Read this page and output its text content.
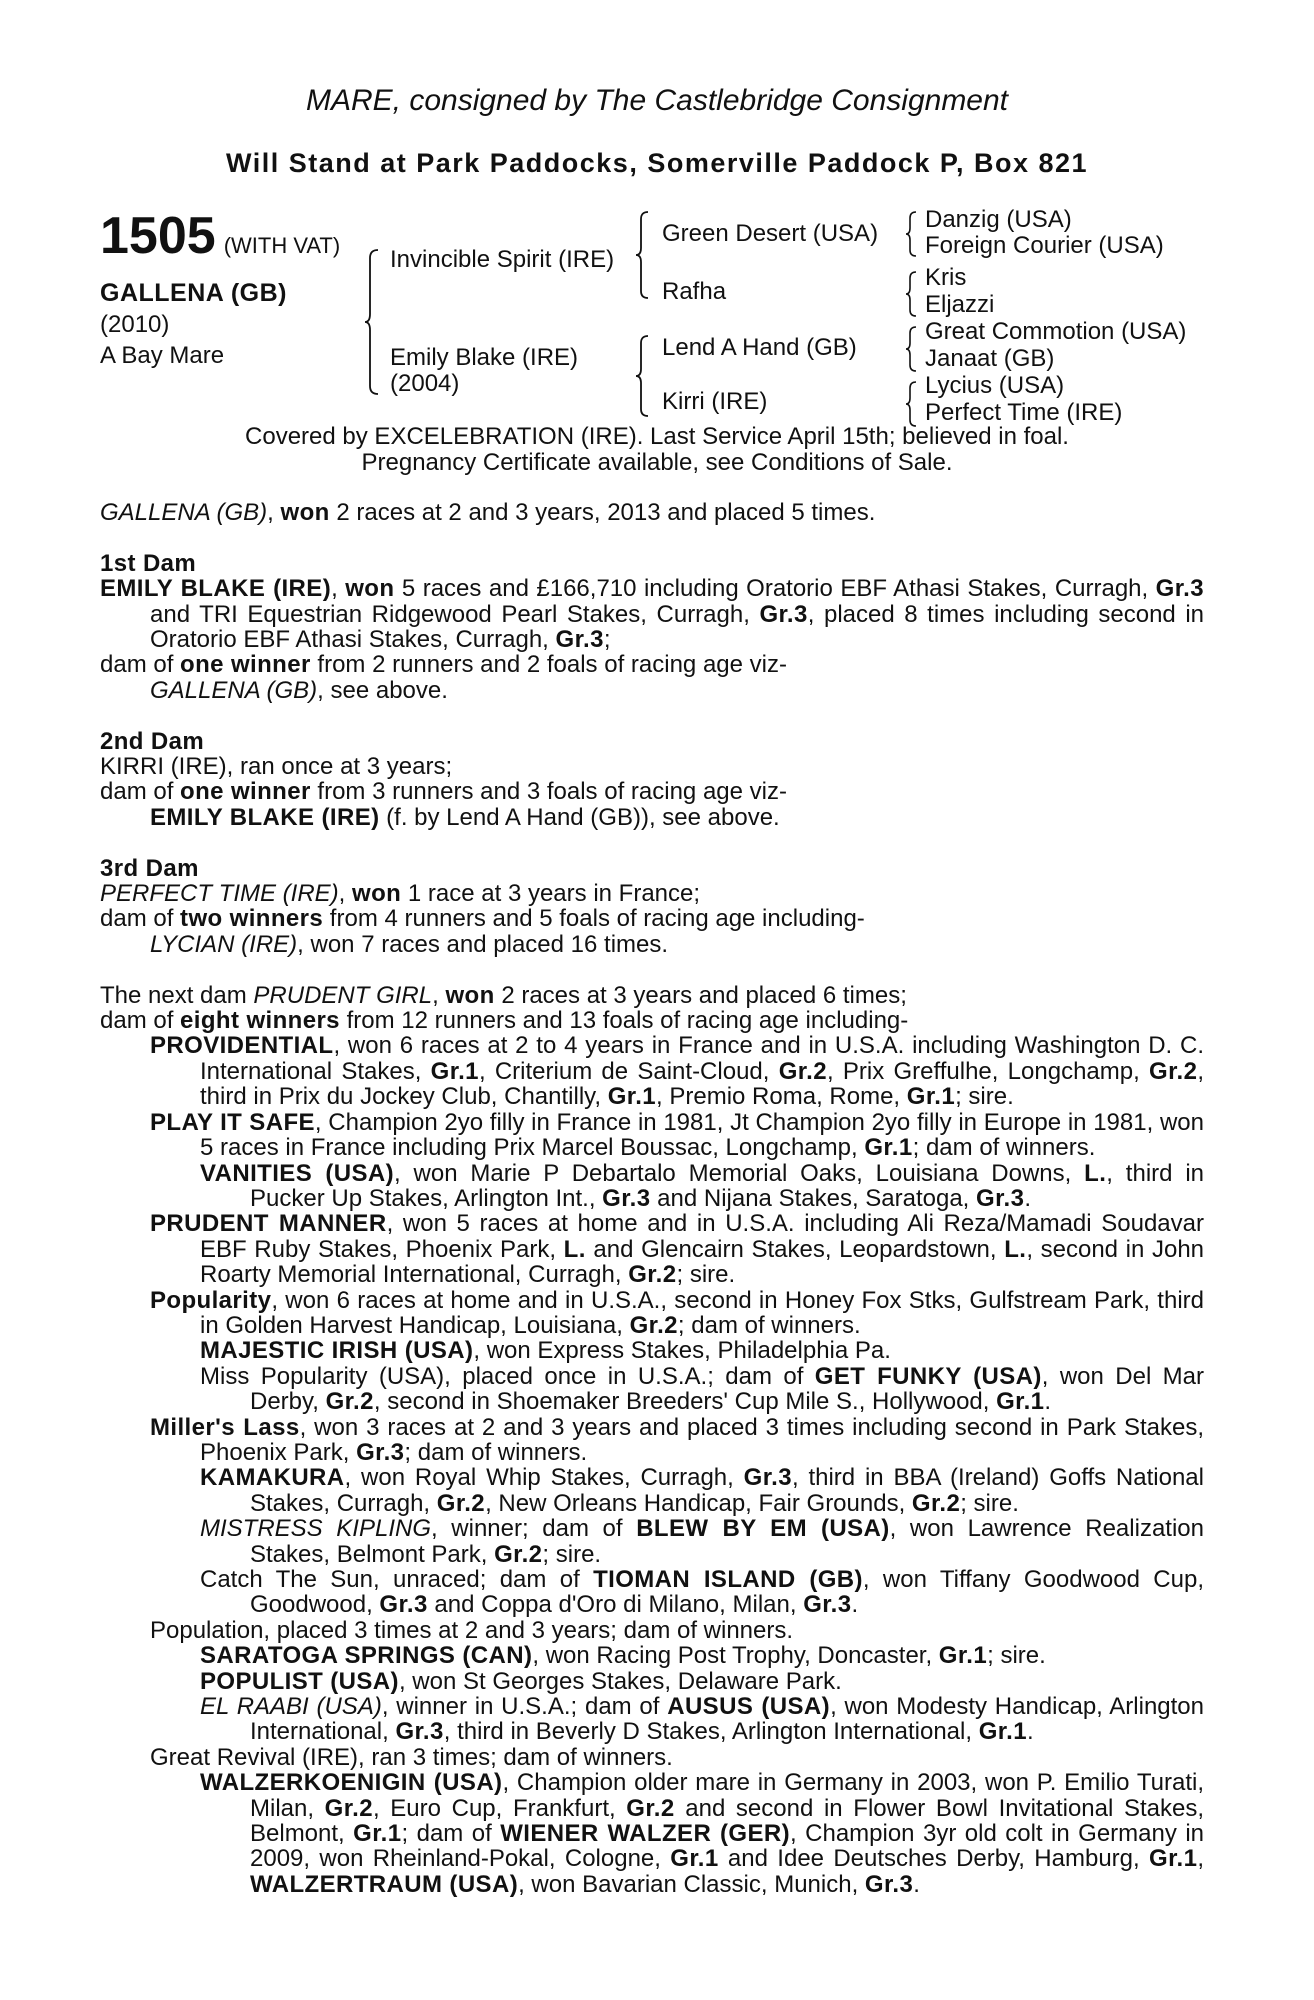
MARE, consigned by The Castlebridge Consignment
Will Stand at Park Paddocks, Somerville Paddock P, Box 821
1505 (WITH VAT)
GALLENA (GB)
(2010)
A Bay Mare
Invincible Spirit (IRE)
Emily Blake (IRE)
(2004)
Green Desert (USA)
Rafha
Lend A Hand (GB)
Kirri (IRE)
Danzig (USA)
Foreign Courier (USA)
Kris
Eljazzi
Great Commotion (USA)
Janaat (GB)
Lycius (USA)
Perfect Time (IRE)
Covered by EXCELEBRATION (IRE). Last Service April 15th; believed in foal.
Pregnancy Certificate available, see Conditions of Sale.

GALLENA (GB), won 2 races at 2 and 3 years, 2013 and placed 5 times.

1st Dam

EMILY BLAKE (IRE), won 5 races and £166,710 including Oratorio EBF Athasi Stakes, Curragh, Gr.3 and TRI Equestrian Ridgewood Pearl Stakes, Curragh, Gr.3, placed 8 times including second in Oratorio EBF Athasi Stakes, Curragh, Gr.3;

dam of one winner from 2 runners and 2 foals of racing age viz-

GALLENA (GB), see above.

2nd Dam

KIRRI (IRE), ran once at 3 years;

dam of one winner from 3 runners and 3 foals of racing age viz-

EMILY BLAKE (IRE) (f. by Lend A Hand (GB)), see above.

3rd Dam

PERFECT TIME (IRE), won 1 race at 3 years in France;

dam of two winners from 4 runners and 5 foals of racing age including-

LYCIAN (IRE), won 7 races and placed 16 times.

The next dam PRUDENT GIRL, won 2 races at 3 years and placed 6 times;

dam of eight winners from 12 runners and 13 foals of racing age including-

PROVIDENTIAL, won 6 races at 2 to 4 years in France and in U.S.A. including Washington D. C. International Stakes, Gr.1, Criterium de Saint-Cloud, Gr.2, Prix Greffulhe, Longchamp, Gr.2, third in Prix du Jockey Club, Chantilly, Gr.1, Premio Roma, Rome, Gr.1; sire.

PLAY IT SAFE, Champion 2yo filly in France in 1981, Jt Champion 2yo filly in Europe in 1981, won 5 races in France including Prix Marcel Boussac, Longchamp, Gr.1; dam of winners.

VANITIES (USA), won Marie P Debartalo Memorial Oaks, Louisiana Downs, L., third in Pucker Up Stakes, Arlington Int., Gr.3 and Nijana Stakes, Saratoga, Gr.3.

PRUDENT MANNER, won 5 races at home and in U.S.A. including Ali Reza/Mamadi Soudavar EBF Ruby Stakes, Phoenix Park, L. and Glencairn Stakes, Leopardstown, L., second in John Roarty Memorial International, Curragh, Gr.2; sire.

Popularity, won 6 races at home and in U.S.A., second in Honey Fox Stks, Gulfstream Park, third in Golden Harvest Handicap, Louisiana, Gr.2; dam of winners.

MAJESTIC IRISH (USA), won Express Stakes, Philadelphia Pa.

Miss Popularity (USA), placed once in U.S.A.; dam of GET FUNKY (USA), won Del Mar Derby, Gr.2, second in Shoemaker Breeders' Cup Mile S., Hollywood, Gr.1.

Miller's Lass, won 3 races at 2 and 3 years and placed 3 times including second in Park Stakes, Phoenix Park, Gr.3; dam of winners.

KAMAKURA, won Royal Whip Stakes, Curragh, Gr.3, third in BBA (Ireland) Goffs National Stakes, Curragh, Gr.2, New Orleans Handicap, Fair Grounds, Gr.2; sire.

MISTRESS KIPLING, winner; dam of BLEW BY EM (USA), won Lawrence Realization Stakes, Belmont Park, Gr.2; sire.

Catch The Sun, unraced; dam of TIOMAN ISLAND (GB), won Tiffany Goodwood Cup, Goodwood, Gr.3 and Coppa d'Oro di Milano, Milan, Gr.3.

Population, placed 3 times at 2 and 3 years; dam of winners.

SARATOGA SPRINGS (CAN), won Racing Post Trophy, Doncaster, Gr.1; sire.

POPULIST (USA), won St Georges Stakes, Delaware Park.

EL RAABI (USA), winner in U.S.A.; dam of AUSUS (USA), won Modesty Handicap, Arlington International, Gr.3, third in Beverly D Stakes, Arlington International, Gr.1.

Great Revival (IRE), ran 3 times; dam of winners.

WALZERKOENIGIN (USA), Champion older mare in Germany in 2003, won P. Emilio Turati, Milan, Gr.2, Euro Cup, Frankfurt, Gr.2 and second in Flower Bowl Invitational Stakes, Belmont, Gr.1; dam of WIENER WALZER (GER), Champion 3yr old colt in Germany in 2009, won Rheinland-Pokal, Cologne, Gr.1 and Idee Deutsches Derby, Hamburg, Gr.1, WALZERTRAUM (USA), won Bavarian Classic, Munich, Gr.3.
